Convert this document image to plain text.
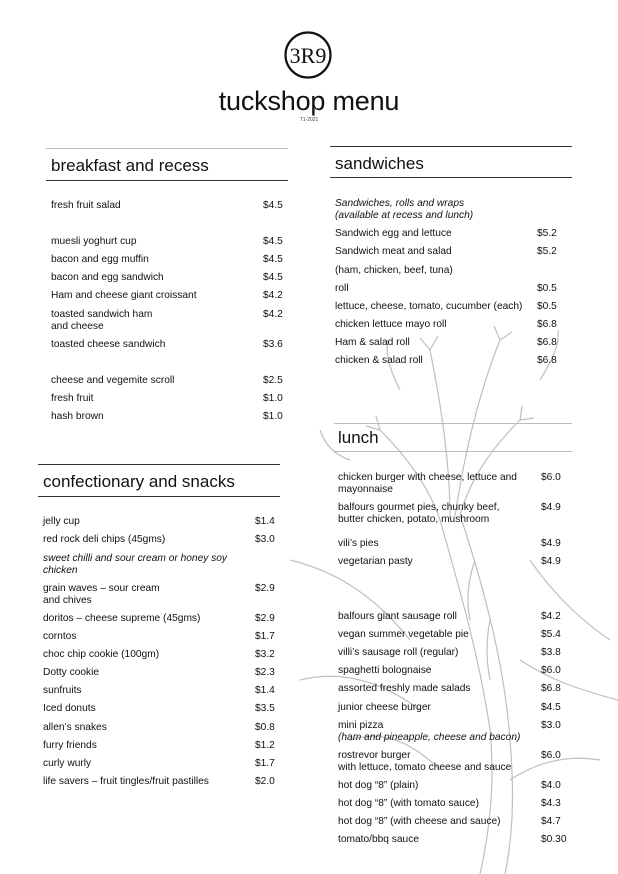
3R9
tuckshop menu
T1-2021
breakfast and recess	sandwiches
confectionary and snacks
lunch
fresh fruit salad	$4.5
muesli yoghurt cup	$4.5
bacon and egg muffin	$4.5
bacon and egg sandwich	$4.5
Ham and cheese giant croissant	$4.2
toasted sandwich ham
and cheese
$4.2
toasted cheese sandwich	$3.6
cheese and vegemite scroll	$2.5
fresh fruit	$1.0
hash brown	$1.0
jelly cup	$1.4
red rock deli chips (45gms)	$3.0
sweet chilli and sour cream or honey soy
chicken
grain waves – sour cream
and chives
$2.9
doritos – cheese supreme (45gms)	$2.9
corntos	$1.7
choc chip cookie (100gm)	$3.2
Dotty cookie	$2.3
sunfruits	$1.4
Iced donuts	$3.5
allen’s snakes	$0.8
furry friends	$1.2
curly wurly	$1.7
life savers – fruit tingles/fruit pastilles	$2.0
Sandwiches, rolls and wraps
(available at recess and lunch)
Sandwich egg and lettuce	$5.2
Sandwich meat and salad	$5.2
(ham, chicken, beef, tuna)
roll	$0.5
lettuce, cheese, tomato, cucumber (each) $0.5
chicken lettuce mayo roll	$6.8
Ham & salad roll	$6.8
chicken & salad roll	$6.8
chicken burger with cheese, lettuce and
mayonnaise
$6.0
balfours gourmet pies, chunky beef,
butter chicken, potato, mushroom
$4.9
vili’s pies	$4.9
vegetarian pasty	$4.9
balfours giant sausage roll	$4.2
vegan summer vegetable pie	$5.4
villi’s sausage roll (regular)	$3.8
spaghetti bolognaise	$6.0
assorted freshly made salads	$6.8
junior cheese burger	$4.5
mini pizza	$3.0
(ham and pineapple, cheese and bacon)
rostrevor burger
with lettuce, tomato cheese and sauce
$6.0
hot dog “8” (plain)	$4.0
hot dog “8” (with tomato sauce)	$4.3
hot dog “8” (with cheese and sauce)	$4.7
tomato/bbq sauce	$0.30
